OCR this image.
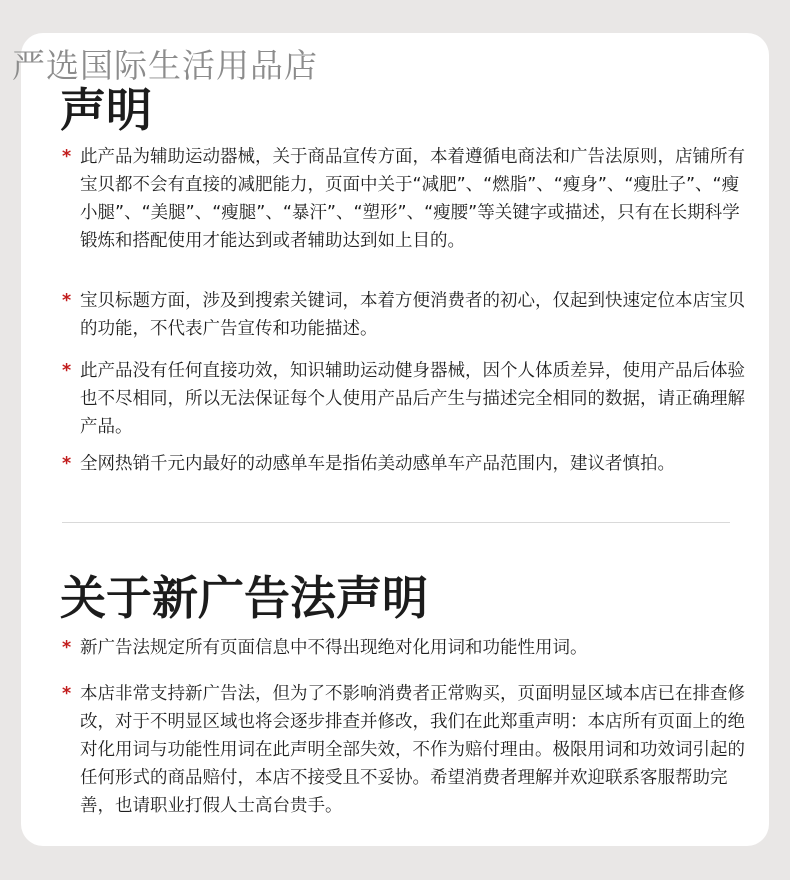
严选国际生活用品店
声明
* 此产品为辅助运动器械，关于商品宣传方面，本着遵循电商法和广告法原则，店铺所有宝贝都不会有直接的减肥能力，页面中关于“减肥”、“燃脂”、“瘦身”、“瘦肚子”、“瘦小腿”、“美腿”、“瘦腿”、“暴汗”、“塑形”、“瘦腰”等关键字或描述，只有在长期科学锻炼和搭配使用才能达到或者辅助达到如上目的。
* 宝贝标题方面，涉及到搜索关键词，本着方便消费者的初心，仅起到快速定位本店宝贝的功能，不代表广告宣传和功能描述。
* 此产品没有任何直接功效，知识辅助运动健身器械，因个人体质差异，使用产品后体验也不尽相同，所以无法保证每个人使用产品后产生与描述完全相同的数据，请正确理解产品。
* 全网热销千元内最好的动感单车是指佑美动感单车产品范围内，建议者慎拍。
关于新广告法声明
* 新广告法规定所有页面信息中不得出现绝对化用词和功能性用词。
* 本店非常支持新广告法，但为了不影响消费者正常购买，页面明显区域本店已在排查修改，对于不明显区域也将会逐步排查并修改，我们在此郑重声明：本店所有页面上的绝对化用词与功能性用词在此声明全部失效，不作为赔付理由。极限用词和功效词引起的任何形式的商品赔付，本店不接受且不妥协。希望消费者理解并欢迎联系客服帮助完善，也请职业打假人士高台贵手。
